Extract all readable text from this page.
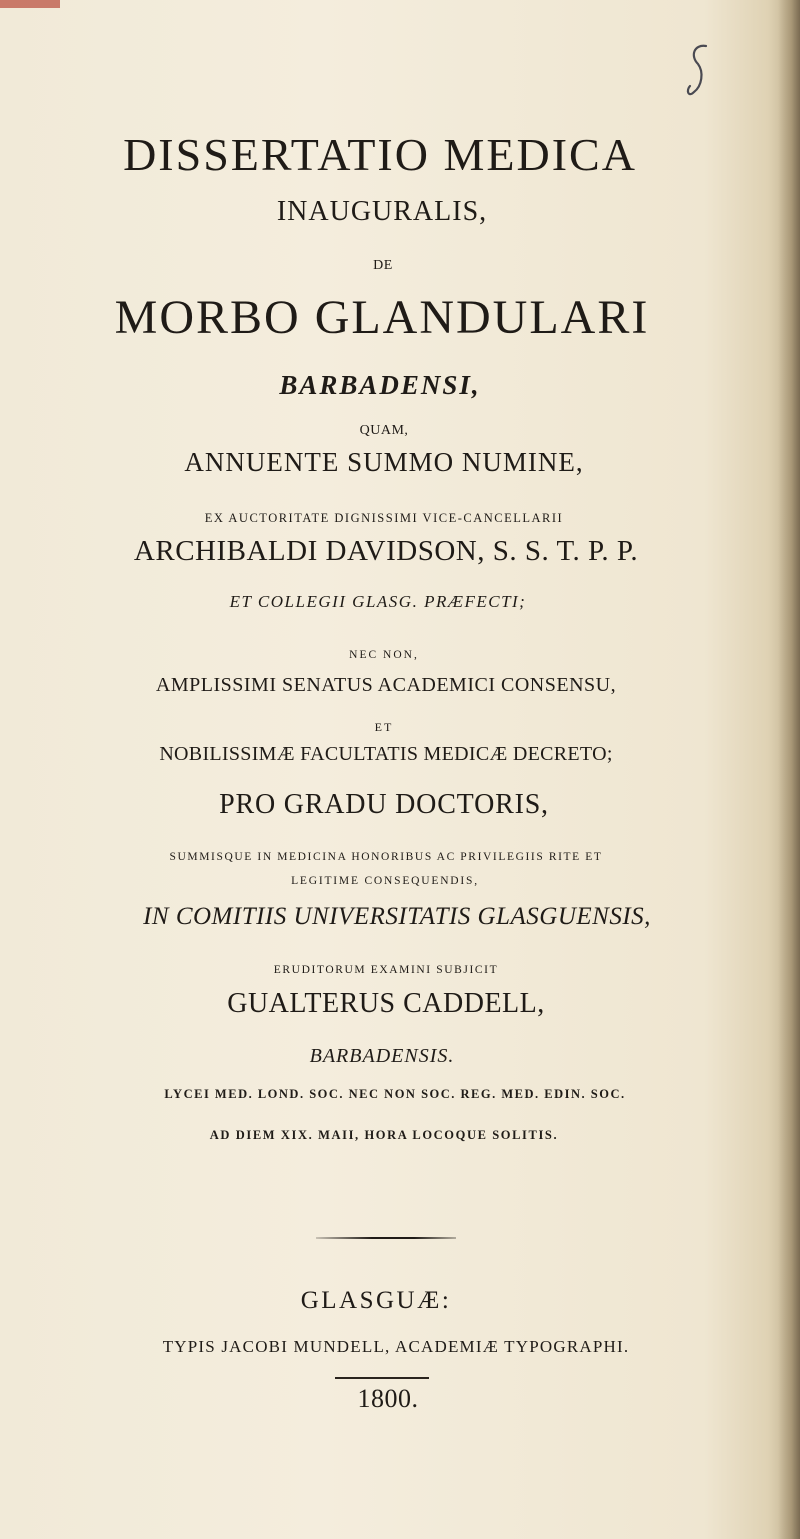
DISSERTATIO MEDICA
INAUGURALIS,
DE
MORBO GLANDULARI
BARBADENSI,
QUAM,
ANNUENTE SUMMO NUMINE,
EX AUCTORITATE DIGNISSIMI VICE-CANCELLARII
ARCHIBALDI DAVIDSON, S. S. T. P. P.
ET COLLEGII GLASG. PRÆFECTI;
NEC NON,
AMPLISSIMI SENATUS ACADEMICI CONSENSU,
ET
NOBILISSIMÆ FACULTATIS MEDICÆ DECRETO;
PRO GRADU DOCTORIS,
SUMMISQUE IN MEDICINA HONORIBUS AC PRIVILEGIIS RITE ET
LEGITIME CONSEQUENDIS,
IN COMITIIS UNIVERSITATIS GLASGUENSIS,
ERUDITORUM EXAMINI SUBJICIT
GUALTERUS CADDELL,
BARBADENSIS.
LYCEI MED. LOND. SOC. NEC NON SOC. REG. MED. EDIN. SOC.
AD DIEM XIX. MAII, HORA LOCOQUE SOLITIS.
GLASGUÆ:
TYPIS JACOBI MUNDELL, ACADEMIÆ TYPOGRAPHI.
1800.
